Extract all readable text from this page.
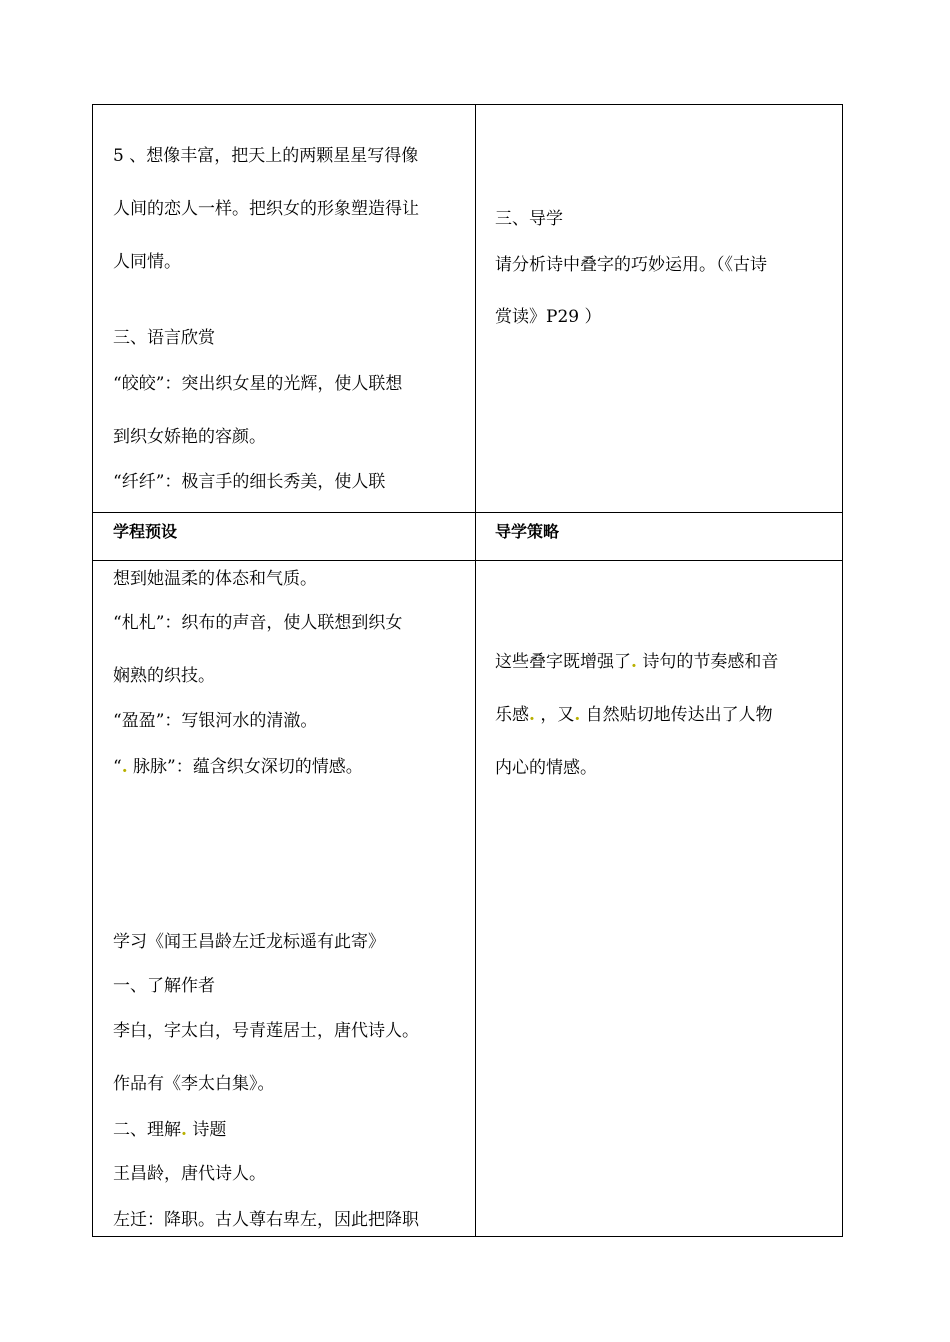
5 、想像丰富，把天上的两颗星星写得像
人间的恋人一样。把织女的形象塑造得让
人同情。
三、语言欣赏
“皎皎”：突出织女星的光辉，使人联想
到织女娇艳的容颜。
“纤纤”：极言手的细长秀美，使人联
三、导学
请分析诗中叠字的巧妙运用。（《古诗
赏读》P29 ）
学程预设	导学策略
想到她温柔的体态和气质。
“札札”：织布的声音，使人联想到织女
娴熟的织技。
“盈盈”：写银河水的清澈。
“. 脉脉”：蕴含织女深切的情感。
学习《闻王昌龄左迁龙标遥有此寄》
一、了解作者
李白，字太白，号青莲居士，唐代诗人。
作品有《李太白集》。
二、理解. 诗题
王昌龄，唐代诗人。
左迁：降职。古人尊右卑左，因此把降职
这些叠字既增强了. 诗句的节奏感和音
乐感. ，又. 自然贴切地传达出了人物
内心的情感。
